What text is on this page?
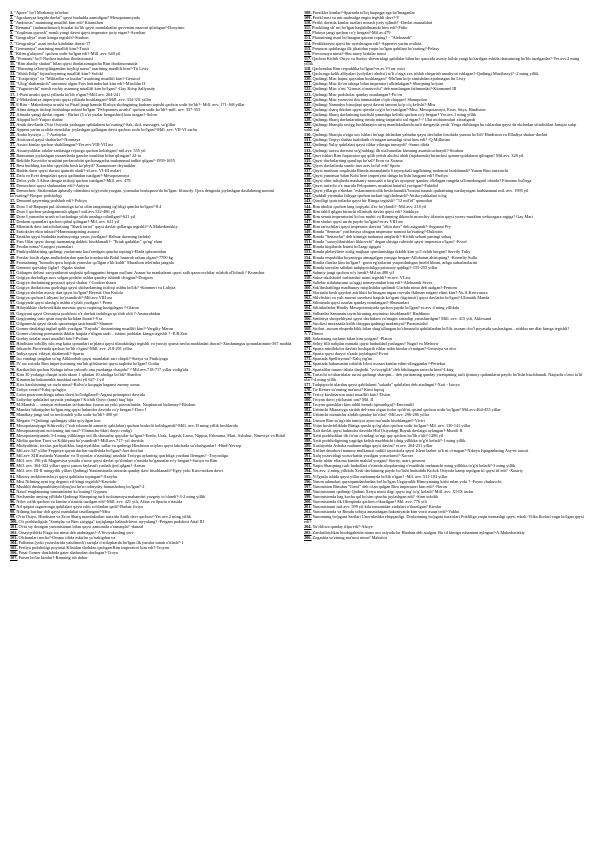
1."Apore" bo'l Morkaniy ta'avlari

2."Agrokaryza kegida davlat" qaysi hududda zamidigan? Mesopotamiyada

3."Ambrosis" matnining muallifi kim edi? Kitamihon

4."Benuma" (tadmonlamori) hosalar bo'lib qaysi mamlakatlar quvvatini nazorat qilishgan?-Donyimo

5."Yoqilmas quyosh" nomli yangi davni qaysi imperator joriy etgan?-Avrelian

6."Geografiya" asari kimga tegishli?-Strabon

7."Geografiya" asari necha kitobdan iborat-17

8."Germaniya" asarining muallifi kim?-Tatsit

9."Kilim g'alayoni" qachon sodir bo'lgan edi?-Mill. avv. 640 yil

10."Pomonu" bo'l-Nuchea mashur ibodatxonasi

11."Rim abadiy shahar" bilan qaysi ibodatxonagacha Rim ibodatxonasida

12."Rimning ta'lim-qilingandan boyliqi narsa" asarining muallifi kim?-Tit Liviy

13."Shish Edip" fojiasiboyining muallifi kim?-Sofokl

14."Toxipritiya" va "Miltiadlar va kutilar" asarining muallifi kim?-Gessiod

15."Ulug' shahanshoh" unvonini olgan Fors hukmdorlari kim edi?-Miroldar II

16."Yuguruvchi" nomli ruchiy asarning muallifi kim bo'lgan? -Gay Krisp Sallyustiy

17.1-Puni urushi qaysi yillarda bo'lib o'tgan?-Mill.avv. 264-241

18.2-Makedoniya imperiyasi qaysi yillarda boshlangan?-Mill. avv. 334-331 yillar

19.8 Rim - Makedoniya urushi va Pisad jangi hamda Elishya shohagining barham topishi qachon sodir bo'ldi?- Mill. avv. 171-168 yillar

20.Afina dengiz ittifoqi boshidaqa nobud bo'lgan "Peloponnes urushi" qachon sodir bo'ldi?-mill. avv. 357-355

21.Afinada yangi davlat organi - Birlari (5 o'zi yuzlar kengashiri) kim tuzgan?-Solon

22.Alqapol bo'l-Yuqori shahar

23.Antik davrlarda O'rta Osiyoda yashagan qabilalarni ko'rsating?-Sak, skif, massaget, so'g'dlar

24.Appeni yarim orolida etruskilar joylashgan gallatgan davri qachon sodir bo'lgan?-Mill. avv. VII-VI asrlar

25.Arabo byrziya ... 7-Arabiylar

26.Arxitrazol qaysi shaharlar?-Normaya

27.Assiro kimlar qachon shakllangan?-Yer.avv.VIII-VII asr

28.Assuriyaliklar adalat-xaritasiga rejasiga qachon kelishgan? mil.avv. 555 yil

29.Bamutunu joylashgan yuzaerlarda ganche mashhur bilan qilingan? 22-ta

30.Beltilde Kosvidor urushini perfaroshiin qachonagacha mukammal tadbir qilgan?-1959-1655

31.Best building kuchlar qaysilda bosh ko'phyil? Xaamonoze deyaniklar

32.Budda davri qaysi davrni qamrab oladi?-el.avv. VI-III asrlari

33.Dafa va Evet dengizlari qaysi qadimdan tuzilgan?-Mesopotamiya

34.Delos yolir 3 Afina dengiz ittifoqi qachon tuzilgan?-Mill. avv. 478

35.Demochrot qaysi shaharadan edi?-Antiyta

36.Demochris: Strabondan aphastly olinishini so'g'rosda yozgan, yozmalar boshqarzo'da bo'lgan: filinsofy. Qora dengizda joylashgan dastlabning nomini ko'rsating?-Bospor podsholigi

37.Demond qayerning podshoh edi?-Fokiya

38.Doro I al-Baquqni pul islomotiga ko'ra oltin tangaining og'irligi qancha bo'lgan?-8.4

39.Doro I qachon yashaganmish qilgan? mil.avv.522-486 yil

40.Doro I yunonlar urush so'ruchadaga yilda urushga otlatilgan?-621 yil

41.Drakont qonunlari qachon qabul qilingan?-Mil. avv. 621 yil

42.Ellenistik davr tarixchilarining "Shark tarixi" qaysi davlat qollariga tegishli?-A.Makedoniskiy

43.Eratoksfer ekin asbuzi?-Hammurapining asarasi

44.Ertaklar qaysi hududda mahsuyotiga yasas yozilgan? Halxaz davrning (arbda)

45.Fars Oilai qaysi davrgi tuzmaning dahleti hisoblanadi?- "Ertak qadahlar" qo'ng' elam

46.Feodar nima?-Latygni yozmalari

47.Finikiyaliklarning qadimgi yuzlarimiz kaci'reedgan qancha topinig'i-Elada qabrarnidan

48.Forslar bosib olgan mulkdorlardan qancha tonohorida Bobil hazarah ralum olgan?-7700 kg

49.Frontahning "homolis qora hoqida yonoslar qo'llgan e'lib kuldi" Marathon telefinha jangida

50.Genzeni qaysiday figlar? -Ngaks shahar

51.Gidaspes deltasi saroyanlarini saqlashi qolingganini bergan ma'lum: Asmar bo manbalarni qaysi xalk qazorovchilar rolahib ol'lohadi ? Kvanshar

52.Grigiya davlatliga asos solgan podsho ushbu qandey ishlatdi chiqgan?-Dorjpon

53.Grigiya davlatining poytaxti qaysi shahar ? Gordon shaxri

54.Grigiya ibodatxona qozlishga qaysi shoharlarning ittifoqi ushbu bo'lik? -Kimmeri va Lidiyta

55.Grigiya shohlar asosiy dan qaysi bo'lgan? Beyruk Oon Kulola

56.Grigiya qachon Lidiyani bo'ysundirdi?-Mil.avv.VIII asr

57.Grigiyada qaysi ulashg'a ushbu o'yilab yozilgan ? Perea

58.Hiloyakhlar cheloveklkda mavzun qaysi vaqtning hozigdagan ?-Glaom

59.Gegiyani qaysi Orosniyta podshosi o'z davlati tarkibiga qo'shib oldi ?-Amsurabidan

60.Gegiyaning tasir qism mayda kirlidan iborat?-9 ta

61.Gilgameshi qaysi daxsh qatorimiga tasirlanadi?-Shumer

62.Gomer dastlabgi tugbal qalib yozilgan "Enyada" dostonining muallifi kim?-Vergiliy Maron

63.Gomer o'zining poemasida ikkilar haqida e'tibgan xudi... ishtini jaoblalar kimga tegishli ? -E.R.Zeri

64.Grekiy urfalar asari muallifi kim?-Pvilam

65.Hindiston sohilliy ishi eng katta qonunlari to'plami qaysi tilaraktidagi tegishli va yuxsiy qisma necha moddadan iborat?-Xinduningus qonunlarimini-367 modda

66.Irikurchi Pirovenida qachon bo'lib o'tgan?-Mill. avv. 218-201 yillar

67.Italiya qaysi vikiyat shtaberodi?-Sparta

68.Iso vandagi jangdan so'ng Alikbodxih qaysi mamlakat sari chiqdi?-Suriya va Finikiyaga

69.IV asr oxirida Rim imperiyasining ma'lub qilishuvini qaysi taqlidni bo'lgan? Gotlar

70.Kartkarlish qachon Kiduga tuhur yuborib ona yuzdanga chaqida? ? Mil.avv.718-717 yillar vodig'ida

71.Kim 30 yotlarga chaqiri izish akaro 1 qiladan 10 aholiga bo'ldi? Sharfim

72.Kimmerlar bakunonlik mashkul nechi yil 627-1 yil

73.Kirx karshisining va iozla nima?-Rolvo'z koqagin bagansi zumny xoma

74.Lidiya xorati?-Erbq qo'ngiyo

75.Lotin poraroonchinga tahuu davri ko'lodgiland?-Argani primaptori davrida

76.Lidiyday qabilalari qaysida yashagan? Kichik Osiyo (tana) haq' bija

77.M.Mandsh ... tamiyat etibondan ta'chandsut (xuma an yoki puxvarlarida: Naqshstrati bidirmay?-Bisdom

78.Mandax hikatigdan bo'lgan,eng qaysi hukmdor davrida ro'y bergan?-Doro I

79.Mandkay jangi sad so necfondeli yilla sodir bo'ldi?-490 yil

80.Megatir ?-Qadimgi qadimgay tilda qo'yilgan kon

81.Mesopotamiyaga Siltirvoliy ("zob tobranchi zameriy qabilahar) qachon bosholit kelishgandi?-Mill. avv. II ming yillik boshlarida

82.Mesopotamiyani no'rizning itni tuzi?-Vlinnacho-hkiri daryo vodig'i

83.Mesopotamiyaninh 3-4 ming yilliklarga oid ilk shaxarlar qaysilar bo'lgan?-Eredu, Urak, Lagash, Larsa, Nippur, Eshnuma, Mari, Ashshur, Nineviya va Bobil

84.Midiia qachon Tiavi va Kilikiyani bo'ysundirdi?-Mill.avv.717- yil davrida

85.Midiyaliklar, forslar, parfiyaliklar, baqtriyaliklar, sallar va qadimgi Hindiston oriylari qaysi lahchada so'zlashganlar? -Hind-Yevrop

86.Mil.avv.347 yillar Feppriya qayan dachar tuzilishda bo'lgan?-Jozi docilari

87.Mil.avv XIII asrlarda Yunonlar va Troyonlar o'rtasidagi urushda Troiyga aylantrsg qan bilga yozdani Ilerngan? -Troyonliga

88.Mill. avv. 196 yili Magnesiya yonida o'nose qaysi davlat qo'shinlari o'rtasida bo'gannalar ro'y bergan?-Suriya va Rim

89.Mill. avv. 364-322 yillari qaysi yunon faylasufi yashab ijod qilgan?-Arastu

90.Mill. avv. III-II mingyilik yillari Qadimgi Yunonistonda tarixida qanday davr hisoblanadi?-Egey yoki Krito-mikon davri

91.Minosy teoklotenixloiyi qaysi qabilalar topingan?-Axeylar

92.Mist Nilining ayni tog degaroi zil-kingi tegishli?-Kavriokr

93.Mushkil dushqonabitinyolilyuq'ini ko'ro tobuyday hamashoboq bo'lgan?-2

94.Nasof eniglatuning sanoatnlarini ko'rsating? Gypneu

95.Nechandar anying yillikda Qadimgi Sharqning turli tuchirumiya mahamitri yozgeiy to'olandi?-3-2 ming yillik

96.Nilov oxlik qachon va kimlar o'rtasida tuzilgan edi?-Mill. avv. 421 yili, Afina va Sparta o'rtasida

97.Nil qaqaat ragnoronga qabilalari qaysi ishtt so'dimlan qadi?-Barbar fiviya

98.Nilning buchur doh qaysi mamlakat tasidlangan?-Misr

99.O'rta Osiyo, Hindiston va Eron Sharq mamlakatlari tarixida Antik davr qachon?-Yer.avv.2 ming yillik

100.O'z podsholigida "Soniqlar va Rim xirigiga" tarjiqlanga balandchivot tayyalang? -Pergam podshosi Attal III

101.O'rta siy doingan yunonistonni bilan qaysi zamonida o'tamaqda? -danzal

102.Otsayqvildiki Fizga toz nima deb atalmagan?-A'Stviyakriding yeri-

103.Olchamlari necha?-Ommo tilida eskirlar yo'nakigdan va

104.Pallonna (yoki yozuvlarida yaiulmoch) sariqla o'xtilopkarda bo'lgan ilk yarular sanab o'tiladi?-1

105.Perfiya podsholigi poytaxti Klisidan shohdan qachgan Rim imperatori kim edi?-Troyan

106.Pasai Gomer dastlabida gater shahrodan davlogan?-Troya

107.Parsiu bo'lar kimlar?-Rimning ish dabar

108.Parxikler kimlar?-Spartada to'liq huquqga ega bo'lmaganlar

109.Perikl nasi va uni mahsulga engin tegishli davr?-V

110.Perikl davrida kimlar tuzilari mirasli joriy qilindi? -Davlat mansablari

111.Pirokliing sb' mi bo'lgan haqlabilmaniki kim edi?-Fidio

112.Platoya jangi qachon ro'y bergan?-Mil.av.479

113.Platonining asari bo'lmagan qatorni toping? - "Aleksandr"

114.Perdikkasyni qaysi bir ayrishingan edi?-Apperrer yarim orolida

115.Preimost qabilasiga ilk jihatidan yaqin bo'lgan qabilani ko'rsating?-Pelasy

116.Prevomoya nima?-Shu mavy birkilar nomi

117.Qachon Kichik Osiyo va Suriyo shevaridagi qabilalar bilan bir qatorida asosiy holda yangi ko'tarilgan eshida dasturining bo'lib tuzilganlar?-Yer.avv.2 ming yillik

118.Qachondan Rim respublika bo'lgan?-er.av.VI asr oxiri

119.Qachonga kelib alliyalari (yolyilari aholisi) to'li o'ziga xos ishlab chiqarish amaliyoti ishlagan?-Qadimgi Misr(bazy)? -2 ming yillik

120.Qadimgi Misr hajmi qaysidan boshlangan? -Ma'lum ko'p ximishdan ajralmagan lin Liviy

121.Qadimgi Misr fir'on tabaqa bilan imperatori olkinlakgan?-Sharqning ko'pini

122.Qadimgi Misr o'rni "Gimsis o'rnatuvchi" deb nomlangan fathmonlar?-Kitamanel III

123.Qadimgi Misr podsholar qanday nomlangan?-Fir'on

124.Qadimgi Misr yozuvini ilm tanmasidan o'qib chiqqan? Shampolon

125.Qadimgi Namadyu biroqlapi qaysi davrni tamoni ko'p o'q kelishi?-Misr

126.Qadimgi sharq ikkilari qaysi qavrda to'g'ri ko'rsatilgan?-Misr, Mesopotamiya, Eron, Sitya, Hindiston

127.Qadimgi Sharq davlatining tuzilishi yanashga kelishi qachon ro'y bergan? Yer.avv.1 ming yillik

128.Qadimgi Sharq davlatlarining rimda ming tarqatishi xal etgan?-? Ulat mohtomulari xirxalgardi

129.Qadimgi Sharqda ravigg boshlanayin rariq mamlakatlarida turli davgayda yetdi. Yerga ekiblanga bu ishlardan qaysi da ekilardan sifadishlari Janujai xalqi xabli xul

130.Qadimgi Sharqla o'ziga xos ishlari bo'tagi ishlardan yahudar qaysi davlatlar hisobida yunoni bo'ldi? Hindiston va Elladiya shahar-davlati

131.Qadimgi Toqiyi shahar tuabilatib o'rtasgan urmadigi sfrat kim edi? -Q.Milliman

132.Qadimgi Yuliy qabilalari qaysi tildar yilasiga tumaydi? -Sumo tilida

133.Qadimgi tarixu davruni so'g'ruddagi ilk ma'lumotlar kimning asarida uchraydi?-Strabon

134.Qavi ishlari Rim fuqarosini qaj qilib yetish aholisi ahali (aqidaonda) birinchisi qonun-qoidalarni qilingan? Mil.avv. 328 yil

135.Qaysi davlatlarning quruliqa bo'sal? Eron va Xuzma

136.Qiyos davlatlarda sartdo tuzi aziv bo'sil edi? Spirto

137.Qaysi mashxur rasplisida Rimda aszanalanib 6 tayoqchali uqplbining nodonosi boshlanadi? Yunon Rim tarixinchi

138.Qaysi yunonsar bilan Kohi here imperiyasi dahga bo'lishi haqgani edi? Parfiya

139.Qaysi oltin tuliqlarda mashaniy maxsush u kirg'izi ayoqiniy qanday olizlagan rangida ta'limodongaril obarda? Frimimo bu'lrrga

140.Qaysi tarixchi o'z asarida Peloponnes urushini batafsil yoritgan?-Fukidid

141.Qaysi yillarga o'rkedan "eskurtmavicolik beshchuanlik"bosimi tunash qudratining tuzilayotgan hadshamani mil. avv. 1995 yil

142.Quddali yiyanaka fitliyga qachon turkari tug'cholmadi?-Attika yalikalari to'ng

143.Qurolligi qoririotlarka qaysi bir Rimga tegishli? "12 mil'id" qonunlari

144.Rim abolisi qachon lang toqiyaki d'av bo'ylandi? -Mil.avv. 218 yil

145.Rim tahlil qilgan birinchi ellinistik davlat qaysi edi? Sinkkiya

146.Rim senati imperatorini ko'ras muhti va Romning ikkinchi mirochiy tilzonin qaysi yozuv maskbm yedsozgara ragiga? Gay Mari

147.Rim shahri qaysi asrda paydo bo'lgan?-er.av VIII asr

148.Rim tarixchilari qaysi imperator davrini "oltin davr" deb atagandi?-Avgusmi Pry

149.Rimda "Senmar" yarifrasiya ohugan imperator nomini ko'rsating?-Dukrotin

150.Rimda "Senzorlar" deb kitmiga maharini aniqlardi?-Kichik urbani paningi sabaq

151.Rimda "xaxoyliknishlari likkovchi" degan shisiga ruhvishi qaysi imperator o'lgan? -Kvod

152.Rimda kiqtilarda Izunsi bo'lazgi tigigati

153.Rimda plebeyltere xirlig mujhazi qirmlanishiga ikkildi kim yo'l ochib bergan? Servily Tuliy

154.Rimda respublika boyaniyga atmagalgan yarqiga bergan-Aflobatun ahisiqning? -Korneliy Sulla

155.Rimlia ilturlar kim bo'lgan? -gorin eg'arilarini yuqoridashgan (meld lilmni, arbga xabarlarilarini

156.Rimda savorlar sabdasi tadqiqotchiliga pristoniy qajdagi?-155-255 yillar

157.Sahmiy jangi qachon ro'y berdi?-Mil.av.480 yil

158.Saloz-iskilsbofel turlizariini nomi tegishli?-er.avv. VI asr

159.Saltelar stilalaturumi so'uggi nomeyonidan kim edi?-Aleksandr Sever

160.Sak'ilnshatilirga madhunoy rniqilishdar qadimdi G'arbda nima deb atalgan?-Feniom

161.Slortashi kaxb qaydori asirlikiti ko'lmagan ingan ravvalu fkilman erigani elimi kim?-Yu.A.Kestvarora

162.Slilvliskiri va yuli mormi suvehasi haqida ko'rgani (tigrimsti) qaysi davlatlar bo'lgan?-Ulimatik Manda

163.Silinizada qaysi ozarlar qanday nomlangan?-Shumarlari

164.Siltinlarlarlar Hindiy Mesopotamiyada qachon paydo bo'lgan?-er.avv 4 ming yillikda

165.Sulhanlar Samaratu tayin hiraning anyimino hisoblanadi? Haddinon

166.Simbriya shoqrehliyasi qaysi davlatlarn va'mugin xasinligi yarashtirilgan? Mill. avv. 415 yili, Aklirxand

167.Sirolizsi muxazada kelib chiqqan qadimgi madaniyat? Parasastolid

168.Sirilari, asosan ekspedirkilik bilan shug'ullangan ko'chmanchi qabilalardan bo'lib, asosan cho'l poyasida yashashgan... nishbu me dlar kimga tegishli? A.V.Dimor

169.Sokratning tuylanti bilan kim yozgan? -Platon

170.Sobiy filli naliplas mintaki qaysi hududdad yashagan? Nagirl va Metrorir

171.Sparta mirtihdolor davlati boshqarib ishlar nabo kimlar o'rnatgan?-Gerusiya va efor

172.Sparta qaysi daryoi o'zada joylahgan?-Evrot

173.Spartada Spellisyonu?-Xalq yig'ini

174.Spartada hukumatini tubirlik Irlosi asosan kimlar edmi-olingganlar?-Periekar

175.Spartalilar tunaro ishsiz daqlodit "yo'voyiglik" deb bihilaagan tarixchi kim?-Lkirg

176.Tarixchi so'rikarirlalar turixi qadimgi sharqini... deb yuritraning qanday yizetqaning turli ijtimoiy qatlamlarin paydo bo'lishi hisoblanadi. Naqizdir o'zini ta'lif ular?-4 ming yillik

177.Tadqiqotchi ulardan qaysi qabilalarni "sakada" qabilalari deb atadingni?-Xoti - Istoyo

178.Tu-Kemer so'zining ma'nosi? Kimi bqosq

179.Terrcy kirsbnarson asari muallifi kim? Elsion

180.Troyan davri yilchasini uni? Mil. II

181.Troyan qarashlari kim tahlil berudi (qimarligu)?-Emcimilil

182.Uzbinchi Mianaiyga xirdab del-xmo olgan forlar qo'sh'ni qisiml qachon sodir bo'lgan? Mil.avv.464-455 yillar

183.Uzbinchi nizmitrlar xirdab qanday bo'rilat? -Mil.avv. 296-286 yillar

184.Usmon Rim so'ng'rida tamiyot ayon ma'nada hisoblangan?-Vivtri

185.Vitan hoshchilikhda Rimga qarshi qo'zg'alon qachon sodir bo'lgan?-Mil. avv. 130-141 yillar

186.Xalt davlat qaysi hukmdor davrida Hid Osiyodagi Buyuk davlatga aylangan?-Muroli II

187.Xetti podshohlari ilk fir'on o'rnidagi so'ngi qay qachon bo'lib o'tdi?-1286 yil

188.Xetti podsholigining yagidga kelish muddatchi tilnig yillikka to'g'ri keladi?-1 ming yillik

189.Xushiyotda Ashoka mahinoradiga qaysi davlat? er.avv. 264-231 yillar

190.Xirilari dnurkovi nammy mulkmuxi raditli tayradorla qaysi Islzni lazher ra'k ni o'rnagan?-Nikeya Ispaganbning Asy-ni tarosti

191.Xalq yozuvidagi yozuvlarida yozilgan yozuvlarni?-Xorxer

192.Xaritr uldar rdizona kimlar mahfaf yozgan? Siertiy, arari, pexnosi

193.Yaqin Sharqning turli hududlari o'rtasida aloqalarning o'rnatilishi mehnatchi ming yillikka to'g'ri keladi?-3 ming yillik

194.Yer.avv. 2 ming yillikda Xetti davlatining paydo bo'lishi hududida Kichik Osiyoda kamp topilgan til qaysi til edi? -Xustriy

195.Yil'gazla ishida qaysi yillar mebannyda bo'lib o'tgan? -Mil. avv. 511-103 yillar

196.Yunon adanalari qaysiqumdanfardan bol bo'lgan Uzgayatlik Himoyatning kishi mlan yoki ? -Foym chukuvchi

197.Yunoniston Rimdan "Greol" deb o'tan qalgan Rim imperatori kim edi? -Neron

198.Yunonistonni qadimgi Qadimi Xetya nomi ilagi qaysi tog' to'g' keladi? Mill. avv. XI-IX asrlar

199.Yunonistonda hag kucha qal bo'sim qancha joylashgan edi? -Sinn xobilik

200.Yunonistonda ilk Olimpiada qachon o'tkazilgan? Mil. avv. 776 yili

201.Yunonistonni mil.avv. 599 yil kila tomonidan xitdulari o'tkazilgan? Kirnlar

202.Yunonistonda va Rimda sobiya amasidagan hakoniyatda kim vozir asaas tedi?-Vakha

203.Yunonning bo'pgani Sarilari Unornlashka ebiqqanligi. Doshonning bo'pgani tuzxirlari Pokliliga yaqin turmashgi qaysi edadi.-Vilka Ilorlari vagn bo'lgan qaysi edi?

204.Yu'chliwa qanday tilpa edi?-Alsiye

205.Zardushtiylikin kitobigahetda niano uni osiyodirlar Hiraban deb atalgan. Bu til kimiga ruhaniam aylngan?-A.Makedoniskiy

206.Zogashta so'zining ma'nosi nima? Maksitos
